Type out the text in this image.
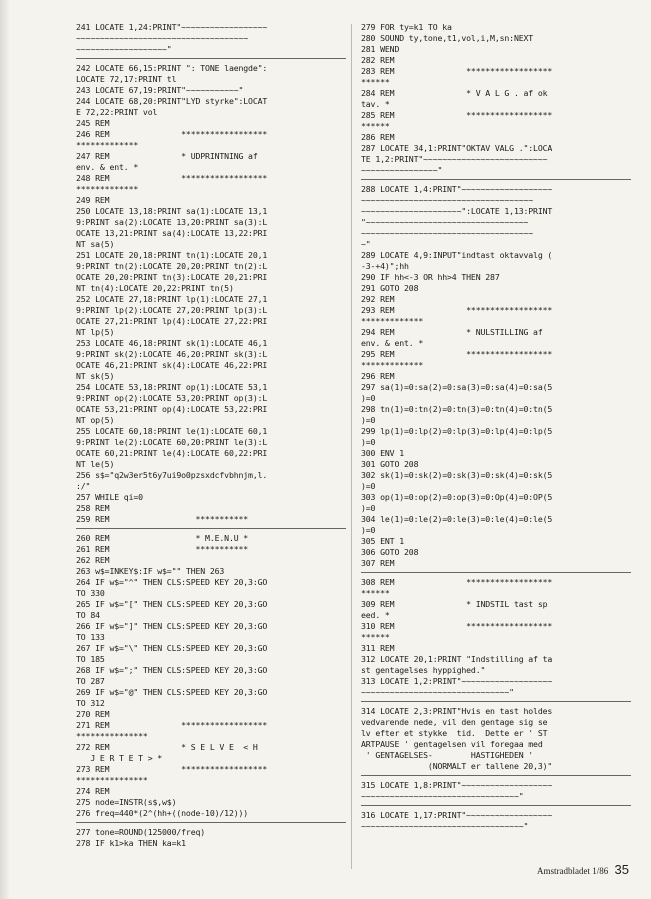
241 LOCATE 1,24:PRINT"~~~~~~~~~~~~~~~~~~
~~~~~~~~~~~~~~~~~~~~~~~~~~~~~~~~~~~~
~~~~~~~~~~~~~~~~~~~"
242 LOCATE 66,15:PRINT ": TONE laengde":
LOCATE 72,17:PRINT tl
243 LOCATE 67,19:PRINT"~~~~~~~~~~~"
244 LOCATE 68,20:PRINT"LYD styrke":LOCAT
E 72,22:PRINT vol
245 REM
246 REM               ******************
*************
247 REM               * UDPRINTNING af
env. & ent. *
248 REM               ******************
*************
249 REM
250 LOCATE 13,18:PRINT sa(1):LOCATE 13,1
9:PRINT sa(2):LOCATE 13,20:PRINT sa(3):L
OCATE 13,21:PRINT sa(4):LOCATE 13,22:PRI
NT sa(5)
251 LOCATE 20,18:PRINT tn(1):LOCATE 20,1
9:PRINT tn(2):LOCATE 20,20:PRINT tn(2):L
OCATE 20,20:PRINT tn(3):LOCATE 20,21:PRI
NT tn(4):LOCATE 20,22:PRINT tn(5)
252 LOCATE 27,18:PRINT lp(1):LOCATE 27,1
9:PRINT lp(2):LOCATE 27,20:PRINT lp(3):L
OCATE 27,21:PRINT lp(4):LOCATE 27,22:PRI
NT lp(5)
253 LOCATE 46,18:PRINT sk(1):LOCATE 46,1
9:PRINT sk(2):LOCATE 46,20:PRINT sk(3):L
OCATE 46,21:PRINT sk(4):LOCATE 46,22:PRI
NT sk(5)
254 LOCATE 53,18:PRINT op(1):LOCATE 53,1
9:PRINT op(2):LOCATE 53,20:PRINT op(3):L
OCATE 53,21:PRINT op(4):LOCATE 53,22:PRI
NT op(5)
255 LOCATE 60,18:PRINT le(1):LOCATE 60,1
9:PRINT le(2):LOCATE 60,20:PRINT le(3):L
OCATE 60,21:PRINT le(4):LOCATE 60,22:PRI
NT le(5)
256 s$="q2w3er5t6y7ui9o0pzsxdcfvbhnjm,l.
:/"
257 WHILE qi=0
258 REM
259 REM                  ***********
260 REM                  * M.E.N.U *
261 REM                  ***********
262 REM
263 w$=INKEY$:IF w$="" THEN 263
264 IF w$="^" THEN CLS:SPEED KEY 20,3:GO
TO 330
265 IF w$="[" THEN CLS:SPEED KEY 20,3:GO
TO 84
266 IF w$="]" THEN CLS:SPEED KEY 20,3:GO
TO 133
267 IF w$="\" THEN CLS:SPEED KEY 20,3:GO
TO 185
268 IF w$=";" THEN CLS:SPEED KEY 20,3:GO
TO 287
269 IF w$="@" THEN CLS:SPEED KEY 20,3:GO
TO 312
270 REM
271 REM               ******************
***************
272 REM               * S E L V E  < H
J E R T E T > *
273 REM               ******************
***************
274 REM
275 node=INSTR(s$,w$)
276 freq=440*(2^(hh+((node-10)/12)))
277 tone=ROUND(125000/freq)
278 IF k1>ka THEN ka=k1
279 FOR ty=k1 TO ka
280 SOUND ty,tone,t1,vol,i,M,sn:NEXT
281 WEND
282 REM
283 REM               ******************
******
284 REM               * V A L G . af ok
tav. *
285 REM               ******************
******
286 REM
287 LOCATE 34,1:PRINT"OKTAV VALG .":LOCA
TE 1,2:PRINT"~~~~~~~~~~~~~~~~~~~~~~~~~~
~~~~~~~~~~~~~~~~"
288 LOCATE 1,4:PRINT"~~~~~~~~~~~~~~~~~~~
~~~~~~~~~~~~~~~~~~~~~~~~~~~~~~~~~~~~
~~~~~~~~~~~~~~~~~~~~~":LOCATE 1,13:PRINT
"~~~~~~~~~~~~~~~~~~~~~~~~~~~~~~~~~~
~~~~~~~~~~~~~~~~~~~~~~~~~~~~~~~~~~~~
~"
289 LOCATE 4,9:INPUT"indtast oktavvalg (
-3-+4)";hh
290 IF hh<-3 OR hh>4 THEN 287
291 GOTO 208
292 REM
293 REM               ******************
*************
294 REM               * NULSTILLING af
env. & ent. *
295 REM               ******************
*************
296 REM
297 sa(1)=0:sa(2)=0:sa(3)=0:sa(4)=0:sa(5
)=0
298 tn(1)=0:tn(2)=0:tn(3)=0:tn(4)=0:tn(5
)=0
299 lp(1)=0:lp(2)=0:lp(3)=0:lp(4)=0:lp(5
)=0
300 ENV 1
301 GOTO 208
302 sk(1)=0:sk(2)=0:sk(3)=0:sk(4)=0:sk(5
)=0
303 op(1)=0:op(2)=0:op(3)=0:Op(4)=0:OP(5
)=0
304 le(1)=0:le(2)=0:le(3)=0:le(4)=0:le(5
)=0
305 ENT 1
306 GOTO 208
307 REM
308 REM               ******************
******
309 REM               * INDSTIL tast sp
eed. *
310 REM               ******************
******
311 REM
312 LOCATE 20,1:PRINT "Indstilling af ta
st gentagelses hyppighed."
313 LOCATE 1,2:PRINT"~~~~~~~~~~~~~~~~~~~
~~~~~~~~~~~~~~~~~~~~~~~~~~~~~~~"
314 LOCATE 2,3:PRINT"Hvis en tast holdes
vedvarende nede, vil den gentage sig se
lv efter et stykke  tid.  Dette er ' ST
ARTPAUSE ' gentagelsen vil foregaa med
' GENTAGELSES-        HASTIGHEDEN '
(NORMALT er tallene 20,3)"
315 LOCATE 1,8:PRINT"~~~~~~~~~~~~~~~~~~~
~~~~~~~~~~~~~~~~~~~~~~~~~~~~~~~~~"
316 LOCATE 1,17:PRINT"~~~~~~~~~~~~~~~~~~
~~~~~~~~~~~~~~~~~~~~~~~~~~~~~~~~~~"
Amstradbladet 1/86 35
